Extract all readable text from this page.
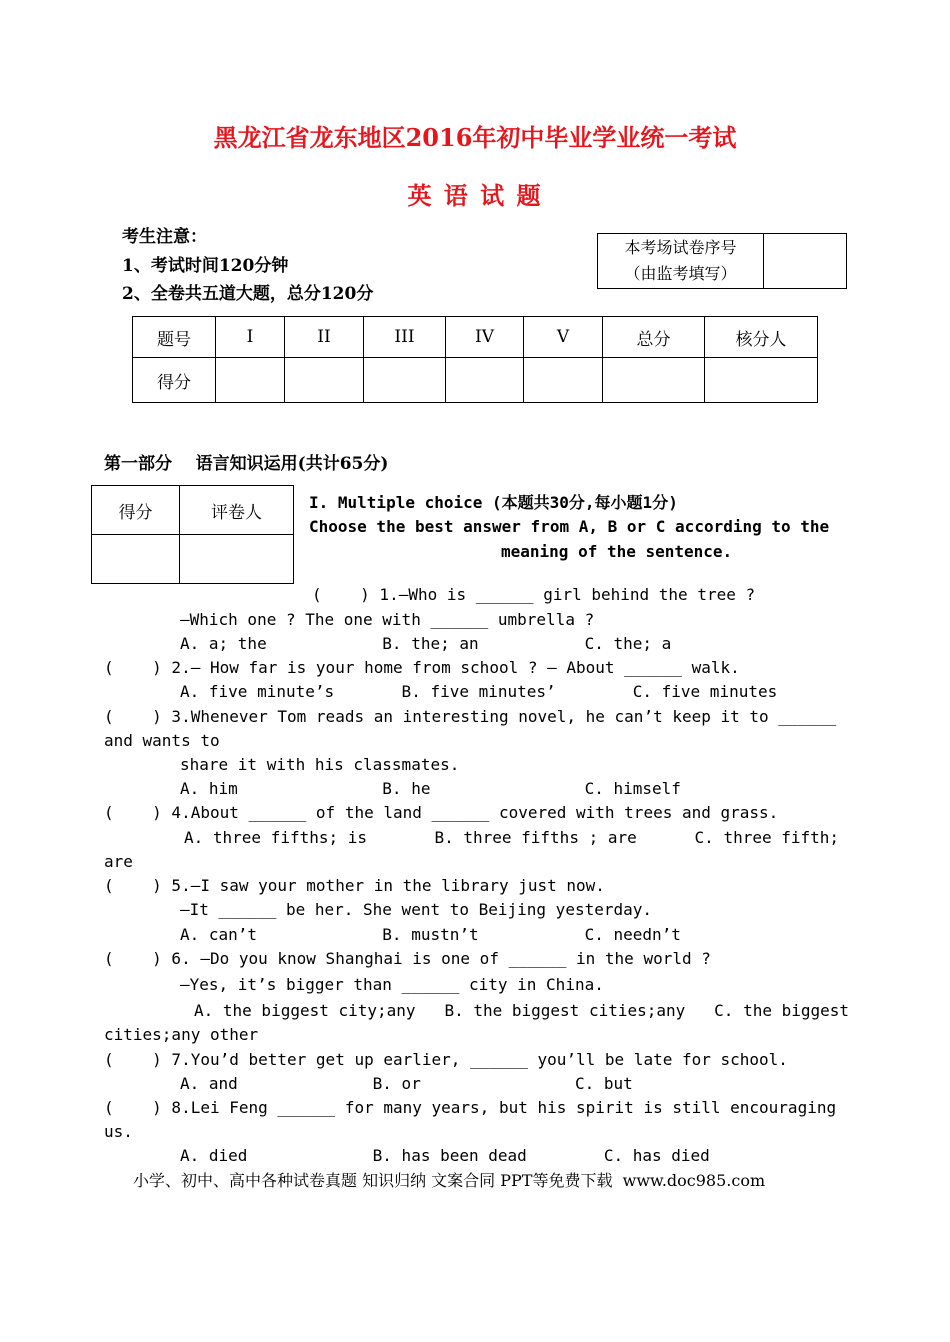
黑龙江省龙东地区2016年初中毕业学业统一考试
英 语 试 题
考生注意：
1、考试时间120分钟
2、全卷共五道大题，总分120分
本考场试卷序号
（由监考填写）

题号	I	II	III	IV	V	总分	核分人
得分							
第一部分    语言知识运用(共计65分)
得分	评卷人
		I. Multiple choice (本题共30分,每小题1分)
Choose the best answer from A, B or C according to the
meaning of the sentence.
(    ) 1.—Who is ______ girl behind the tree ?
—Which one ? The one with ______ umbrella ?
A. a; the            B. the; an           C. the; a
(    ) 2.— How far is your home from school ? — About ______ walk.
A. five minute’s       B. five minutes’        C. five minutes
(    ) 3.Whenever Tom reads an interesting novel, he can’t keep it to ______
and wants to
share it with his classmates.
A. him               B. he                C. himself
(    ) 4.About ______ of the land ______ covered with trees and grass.
A. three fifths; is       B. three fifths ; are      C. three fifth;
are
(    ) 5.—I saw your mother in the library just now.
—It ______ be her. She went to Beijing yesterday.
A. can’t             B. mustn’t           C. needn’t
(    ) 6. —Do you know Shanghai is one of ______ in the world ?
—Yes, it’s bigger than ______ city in China.
A. the biggest city;any   B. the biggest cities;any   C. the biggest
cities;any other
(    ) 7.You’d better get up earlier, ______ you’ll be late for school.
A. and              B. or                C. but
(    ) 8.Lei Feng ______ for many years, but his spirit is still encouraging
us.
A. died             B. has been dead        C. has died
小学、初中、高中各种试卷真题 知识归纳 文案合同 PPT等免费下载  www.doc985.com
